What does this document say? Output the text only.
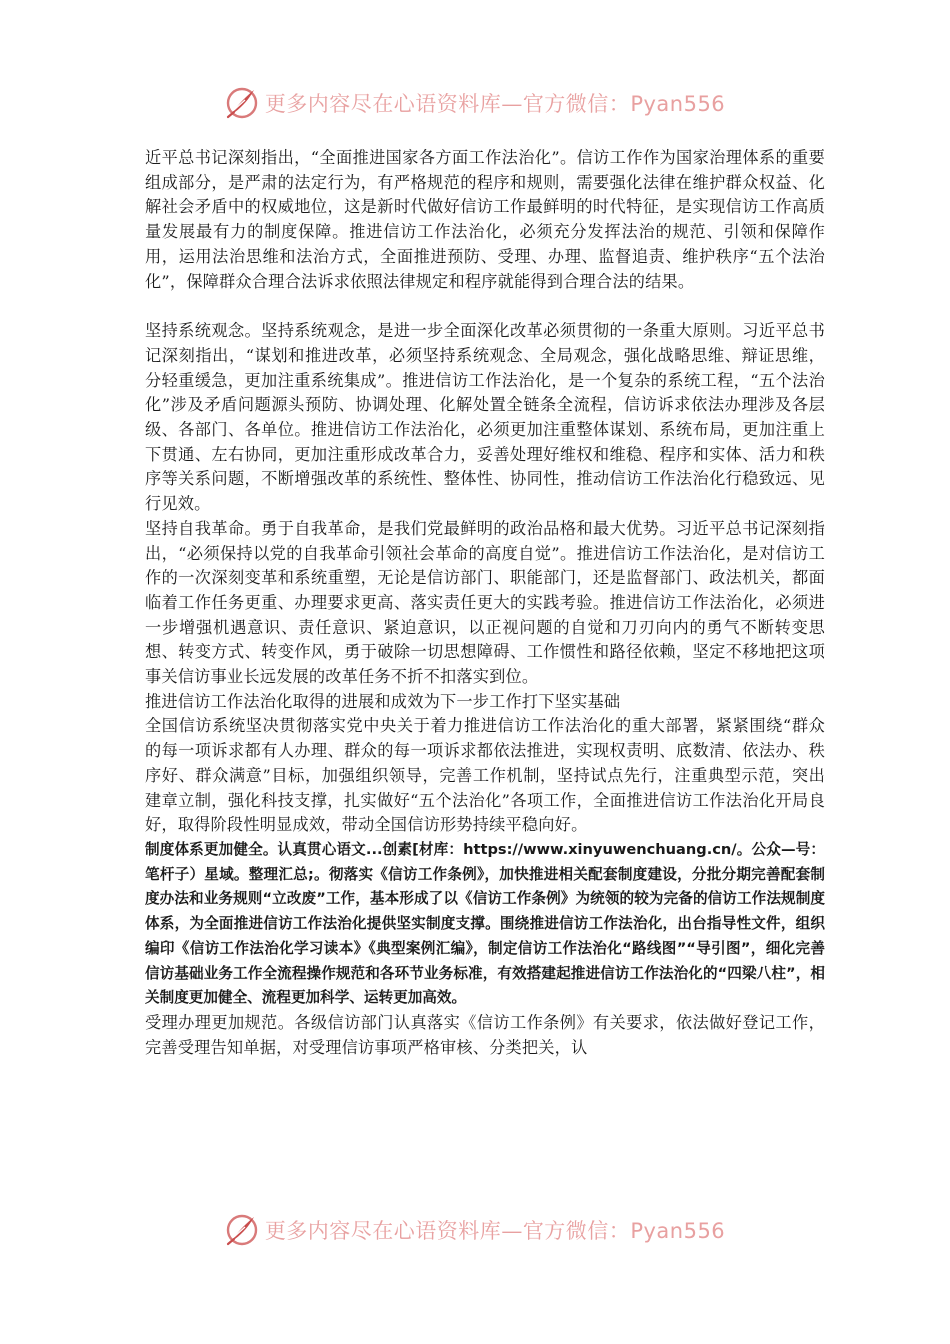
更多内容尽在心语资料库—官方微信：Pyan556

近平总书记深刻指出，“全面推进国家各方面工作法治化”。信访工作作为国家治理体系的重要组成部分，是严肃的法定行为，有严格规范的程序和规则，需要强化法律在维护群众权益、化解社会矛盾中的权威地位，这是新时代做好信访工作最鲜明的时代特征，是实现信访工作高质量发展最有力的制度保障。推进信访工作法治化，必须充分发挥法治的规范、引领和保障作用，运用法治思维和法治方式，全面推进预防、受理、办理、监督追责、维护秩序“五个法治化”，保障群众合理合法诉求依照法律规定和程序就能得到合理合法的结果。

坚持系统观念。坚持系统观念，是进一步全面深化改革必须贯彻的一条重大原则。习近平总书记深刻指出，“谋划和推进改革，必须坚持系统观念、全局观念，强化战略思维、辩证思维，分轻重缓急，更加注重系统集成”。推进信访工作法治化，是一个复杂的系统工程，“五个法治化”涉及矛盾问题源头预防、协调处理、化解处置全链条全流程，信访诉求依法办理涉及各层级、各部门、各单位。推进信访工作法治化，必须更加注重整体谋划、系统布局，更加注重上下贯通、左右协同，更加注重形成改革合力，妥善处理好维权和维稳、程序和实体、活力和秩序等关系问题，不断增强改革的系统性、整体性、协同性，推动信访工作法治化行稳致远、见行见效。

坚持自我革命。勇于自我革命，是我们党最鲜明的政治品格和最大优势。习近平总书记深刻指出，“必须保持以党的自我革命引领社会革命的高度自觉”。推进信访工作法治化，是对信访工作的一次深刻变革和系统重塑，无论是信访部门、职能部门，还是监督部门、政法机关，都面临着工作任务更重、办理要求更高、落实责任更大的实践考验。推进信访工作法治化，必须进一步增强机遇意识、责任意识、紧迫意识，以正视问题的自觉和刀刃向内的勇气不断转变思想、转变方式、转变作风，勇于破除一切思想障碍、工作惯性和路径依赖，坚定不移地把这项事关信访事业长远发展的改革任务不折不扣落实到位。

推进信访工作法治化取得的进展和成效为下一步工作打下坚实基础

全国信访系统坚决贯彻落实党中央关于着力推进信访工作法治化的重大部署，紧紧围绕“群众的每一项诉求都有人办理、群众的每一项诉求都依法推进，实现权责明、底数清、依法办、秩序好、群众满意”目标，加强组织领导，完善工作机制，坚持试点先行，注重典型示范，突出建章立制，强化科技支撑，扎实做好“五个法治化”各项工作，全面推进信访工作法治化开局良好，取得阶段性明显成效，带动全国信访形势持续平稳向好。

制度体系更加健全。认真贯心语文...创素[材库：https://www.xinyuwenchuang.cn/。公众—号：笔杆子）星域。整理汇总;。彻落实《信访工作条例》，加快推进相关配套制度建设，分批分期完善配套制度办法和业务规则“立改废”工作，基本形成了以《信访工作条例》为统领的较为完备的信访工作法规制度体系，为全面推进信访工作法治化提供坚实制度支撑。围绕推进信访工作法治化，出台指导性文件，组织编印《信访工作法治化学习读本》《典型案例汇编》，制定信访工作法治化“路线图”“导引图”，细化完善信访基础业务工作全流程操作规范和各环节业务标准，有效搭建起推进信访工作法治化的“四梁八柱”，相关制度更加健全、流程更加科学、运转更加高效。

受理办理更加规范。各级信访部门认真落实《信访工作条例》有关要求，依法做好登记工作，完善受理告知单据，对受理信访事项严格审核、分类把关，认

更多内容尽在心语资料库—官方微信：Pyan556
